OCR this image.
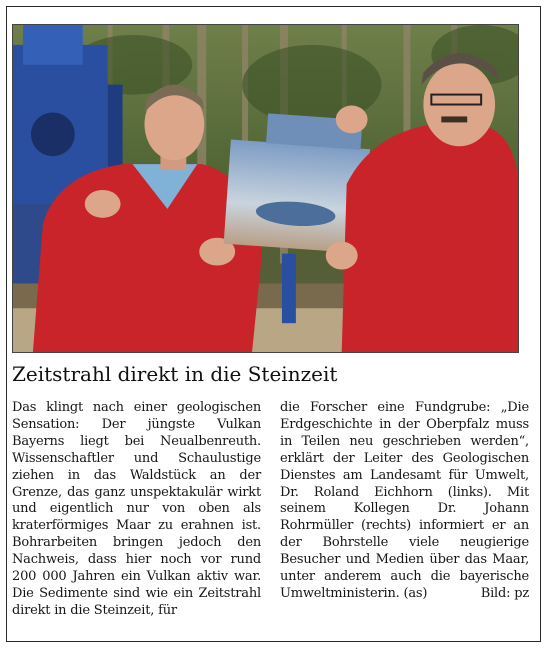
Zeitstrahl direkt in die Steinzeit

Das klingt nach einer geologischen Sensation: Der jüngste Vulkan Bayerns liegt bei Neualbenreuth. Wissenschaftler und Schaulustige ziehen in das Waldstück an der Grenze, das ganz unspektakulär wirkt und eigentlich nur von oben als kraterförmiges Maar zu erahnen ist. Bohrarbeiten bringen jedoch den Nachweis, dass hier noch vor rund 200 000 Jahren ein Vulkan aktiv war. Die Sedimente sind wie ein Zeitstrahl direkt in die Steinzeit, für

die Forscher eine Fundgrube: „Die Erdgeschichte in der Oberpfalz muss in Teilen neu geschrieben werden“, erklärt der Leiter des Geologischen Dienstes am Landesamt für Umwelt, Dr. Roland Eichhorn (links). Mit seinem Kollegen Dr. Johann Rohrmüller (rechts) informiert er an der Bohrstelle viele neugierige Besucher und Medien über das Maar, unter anderem auch die bayerische Umweltministerin. (as)	Bild: pz
